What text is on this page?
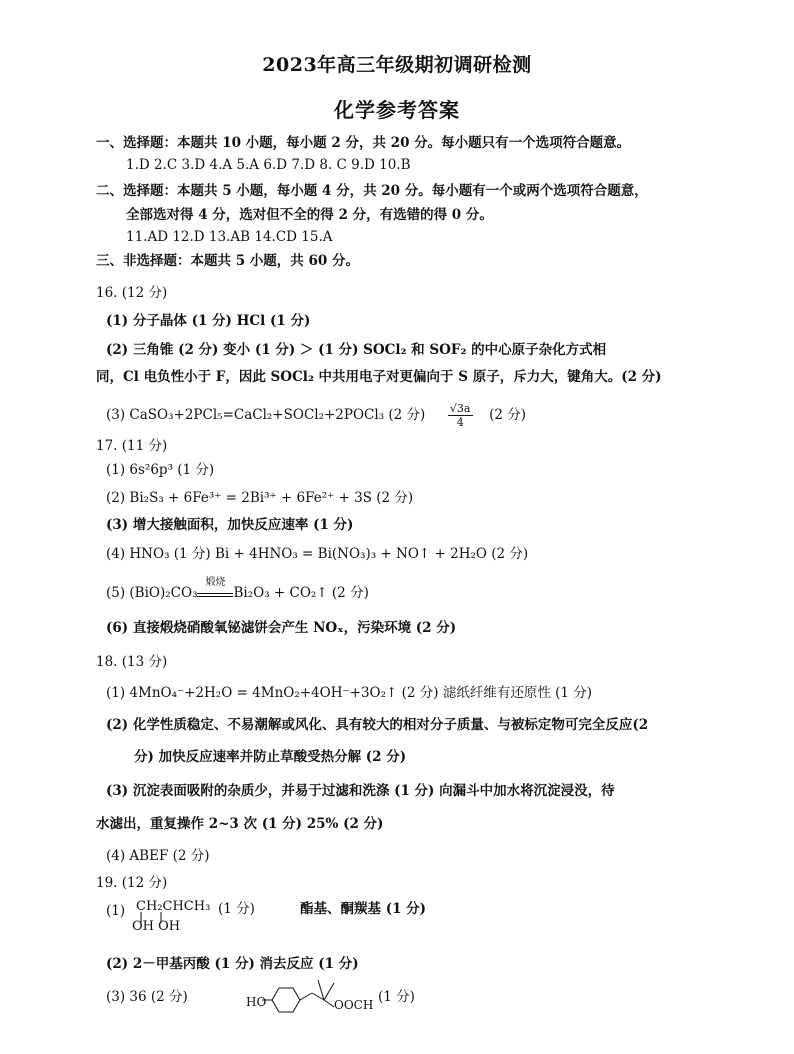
2023年高三年级期初调研检测
化学参考答案
一、选择题：本题共 10 小题，每小题 2 分，共 20 分。每小题只有一个选项符合题意。
1.D 2.C 3.D 4.A 5.A 6.D 7.D 8. C 9.D 10.B
二、选择题：本题共 5 小题，每小题 4 分，共 20 分。每小题有一个或两个选项符合题意，
全部选对得 4 分，选对但不全的得 2 分，有选错的得 0 分。
11.AD 12.D 13.AB 14.CD 15.A
三、非选择题：本题共 5 小题，共 60 分。
16. (12 分)
(1) 分子晶体 (1 分) HCl (1 分)
(2) 三角锥 (2 分) 变小 (1 分) ＞ (1 分) SOCl₂ 和 SOF₂ 的中心原子杂化方式相
同，Cl 电负性小于 F，因此 SOCl₂ 中共用电子对更偏向于 S 原子，斥力大，键角大。(2 分)
(3) CaSO₃+2PCl₅=CaCl₂+SOCl₂+2POCl₃ (2 分) $\frac{√3a}{4} (2$ 分)
17. (11 分)
(1) 6s²6p³ (1 分)
(2) Bi₂S₃ + 6Fe³⁺ = 2Bi³⁺ + 6Fe²⁺ + 3S (2 分)
(3) 增大接触面积，加快反应速率 (1 分)
(4) HNO₃ (1 分) Bi + 4HNO₃ = Bi(NO₃)₃ + NO↑ + 2H₂O (2 分)
(5) (BiO)₂CO₃
煅烧
Bi₂O₃ + CO₂↑ (2 分)
(6) 直接煅烧硝酸氧铋滤饼会产生 NOₓ，污染环境 (2 分)
18. (13 分)
(1) 4MnO₄⁻+2H₂O = 4MnO₂+4OH⁻+3O₂↑ (2 分) 滤纸纤维有还原性 (1 分)
(2) 化学性质稳定、不易潮解或风化、具有较大的相对分子质量、与被标定物可完全反应(2
分) 加快反应速率并防止草酸受热分解 (2 分)
(3) 沉淀表面吸附的杂质少，并易于过滤和洗涤 (1 分) 向漏斗中加水将沉淀浸没，待
水滤出，重复操作 2~3 次 (1 分) 25% (2 分)
(4) ABEF (2 分)
19. (12 分)
(1) CH₂CHCH₃
OH OH
(1 分)	酯基、酮羰基 (1 分)
(2) 2－甲基丙酸 (1 分) 消去反应 (1 分)
(3) 36 (2 分)	HO	OOCH (1 分)
